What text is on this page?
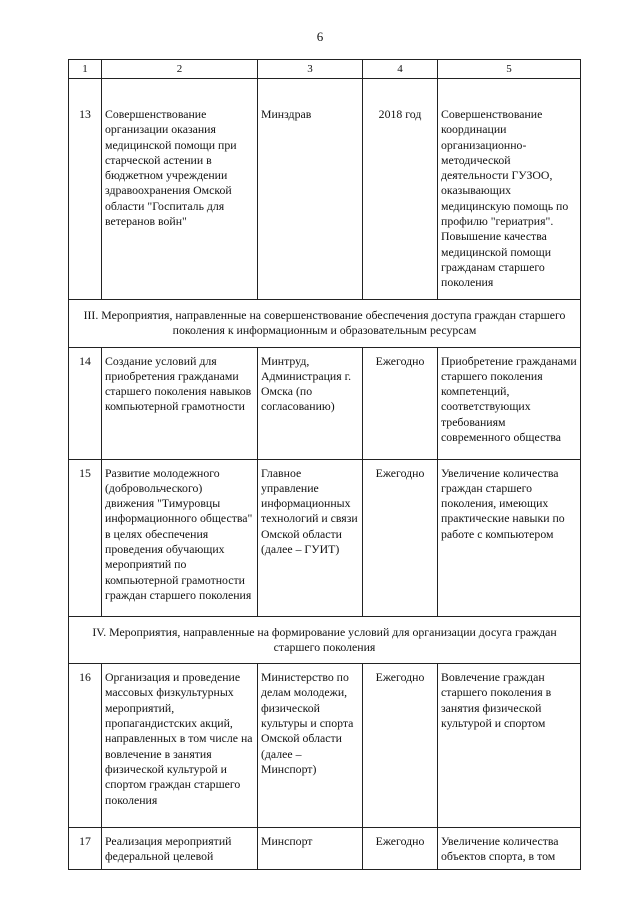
6
1	2	3	4	5
13	Совершенствование организации оказания медицинской помощи при старческой астении в бюджетном учреждении здравоохранения Омской области "Госпиталь для ветеранов войн"	Минздрав	2018 год	Совершенствование координации организационно-методической деятельности ГУЗОО, оказывающих медицинскую помощь по профилю "гериатрия". Повышение качества медицинской помощи гражданам старшего поколения
III. Мероприятия, направленные на совершенствование обеспечения доступа граждан старшего поколения к информационным и образовательным ресурсам				
14	Создание условий для приобретения гражданами старшего поколения навыков компьютерной грамотности	Минтруд, Администрация г. Омска (по согласованию)	Ежегодно	Приобретение гражданами старшего поколения компетенций, соответствующих требованиям современного общества
15	Развитие молодежного (добровольческого) движения "Тимуровцы информационного общества" в целях обеспечения проведения обучающих мероприятий по компьютерной грамотности граждан старшего поколения	Главное управление информационных технологий и связи Омской области (далее – ГУИТ)	Ежегодно	Увеличение количества граждан старшего поколения, имеющих практические навыки по работе с компьютером
IV. Мероприятия, направленные на формирование условий для организации досуга граждан старшего поколения				
16	Организация и проведение массовых физкультурных мероприятий, пропагандистских акций, направленных в том числе на вовлечение в занятия физической культурой и спортом граждан старшего поколения	Министерство по делам молодежи, физической культуры и спорта Омской области (далее – Минспорт)	Ежегодно	Вовлечение граждан старшего поколения в занятия физической культурой и спортом
17	Реализация мероприятий федеральной целевой	Минспорт	Ежегодно	Увеличение количества объектов спорта, в том
